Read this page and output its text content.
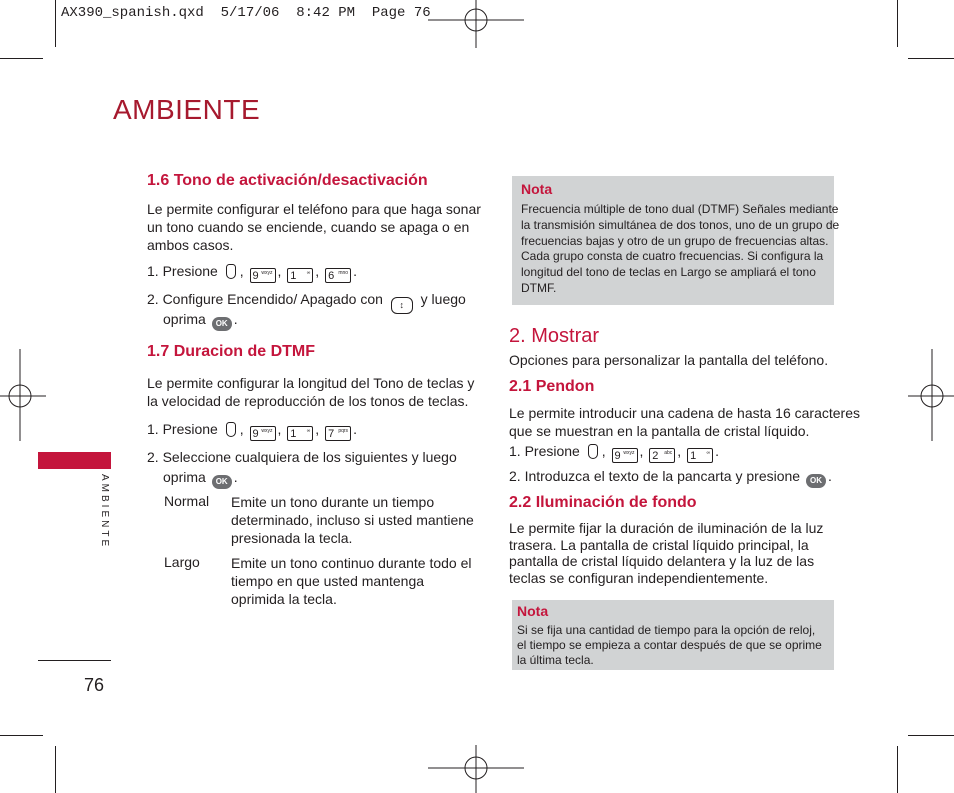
AX390_spanish.qxd  5/17/06  8:42 PM  Page 76
AMBIENTE
AMBIENTE
76
1.6 Tono de activación/desactivación
Le permite configurar el teléfono para que haga sonar
un tono cuando se enciende, cuando se apaga o en
ambos casos.
1. Presione , 9 wxyz , 1 ∞ , 6 mno .
2. Configure Encendido/ Apagado con ↕ y luego
oprima OK .
1.7 Duracion de DTMF
Le permite configurar la longitud del Tono de teclas y
la velocidad de reproducción de los tonos de teclas.
1. Presione , 9 wxyz , 1 ∞ , 7 pqrs .
2. Seleccione cualquiera de los siguientes y luego
oprima OK .
Normal Emite un tono durante un tiempo
determinado, incluso si usted mantiene
presionada la tecla.
Largo Emite un tono continuo durante todo el
tiempo en que usted mantenga
oprimida la tecla.
Nota
Frecuencia múltiple de tono dual (DTMF) Señales mediante
la transmisión simultánea de dos tonos, uno de un grupo de
frecuencias bajas y otro de un grupo de frecuencias altas.
Cada grupo consta de cuatro frecuencias. Si configura la
longitud del tono de teclas en Largo se ampliará el tono
DTMF.
2. Mostrar
Opciones para personalizar la pantalla del teléfono.
2.1 Pendon
Le permite introducir una cadena de hasta 16 caracteres
que se muestran en la pantalla de cristal líquido.
1. Presione , 9 wxyz , 2 abc , 1 ∞ .
2. Introduzca el texto de la pancarta y presione OK .
2.2 Iluminación de fondo
Le permite fijar la duración de iluminación de la luz
trasera. La pantalla de cristal líquido principal, la
pantalla de cristal líquido delantera y la luz de las
teclas se configuran independientemente.
Nota
Si se fija una cantidad de tiempo para la opción de reloj,
el tiempo se empieza a contar después de que se oprime
la última tecla.
